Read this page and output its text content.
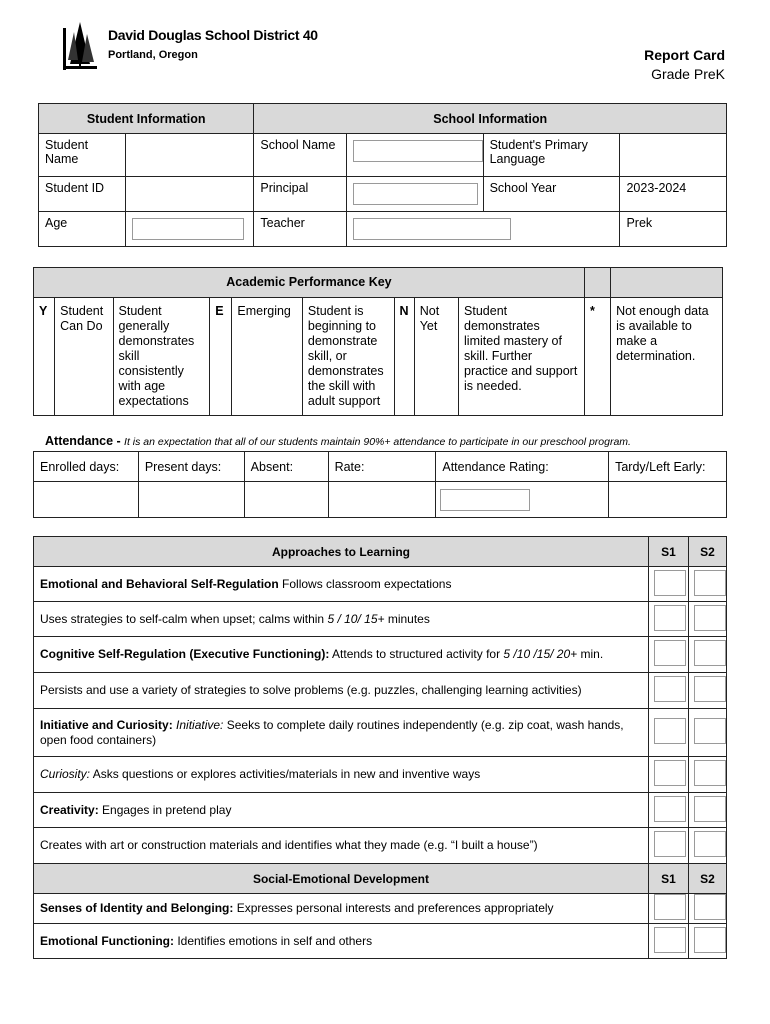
David Douglas School District 40
Portland, Oregon	Report Card
Grade PreK
Student Information		School Information			
Student Name		School Name		Student's Primary Language	
Student ID		Principal		School Year	2023-2024
Age		Teacher			Prek
Academic Performance Key										
Y	Student Can Do	Student generally demonstrates skill consistently with age expectations	E	Emerging	Student is beginning to demonstrate skill, or demonstrates the skill with adult support	N	Not Yet	Student demonstrates limited mastery of skill. Further practice and support is needed.	*	Not enough data is available to make a determination.
Attendance - It is an expectation that all of our students maintain 90%+ attendance to participate in our preschool program.
Enrolled days:	Present days:	Absent:	Rate:	Attendance Rating:	Tardy/Left Early:

Approaches to Learning	S1	S2
Emotional and Behavioral Self-Regulation Follows classroom expectations		
Uses strategies to self-calm when upset; calms within 5 / 10/ 15+ minutes		
Cognitive Self-Regulation (Executive Functioning): Attends to structured activity for 5 /10 /15/ 20+ min.		
Persists and use a variety of strategies to solve problems (e.g. puzzles, challenging learning activities)		
Initiative and Curiosity: Initiative: Seeks to complete daily routines independently (e.g. zip coat, wash hands, open food containers)		
Curiosity: Asks questions or explores activities/materials in new and inventive ways		
Creativity: Engages in pretend play		
Creates with art or construction materials and identifies what they made (e.g. “I built a house”)		
Social-Emotional Development	S1	S2
Senses of Identity and Belonging: Expresses personal interests and preferences appropriately		
Emotional Functioning: Identifies emotions in self and others		
